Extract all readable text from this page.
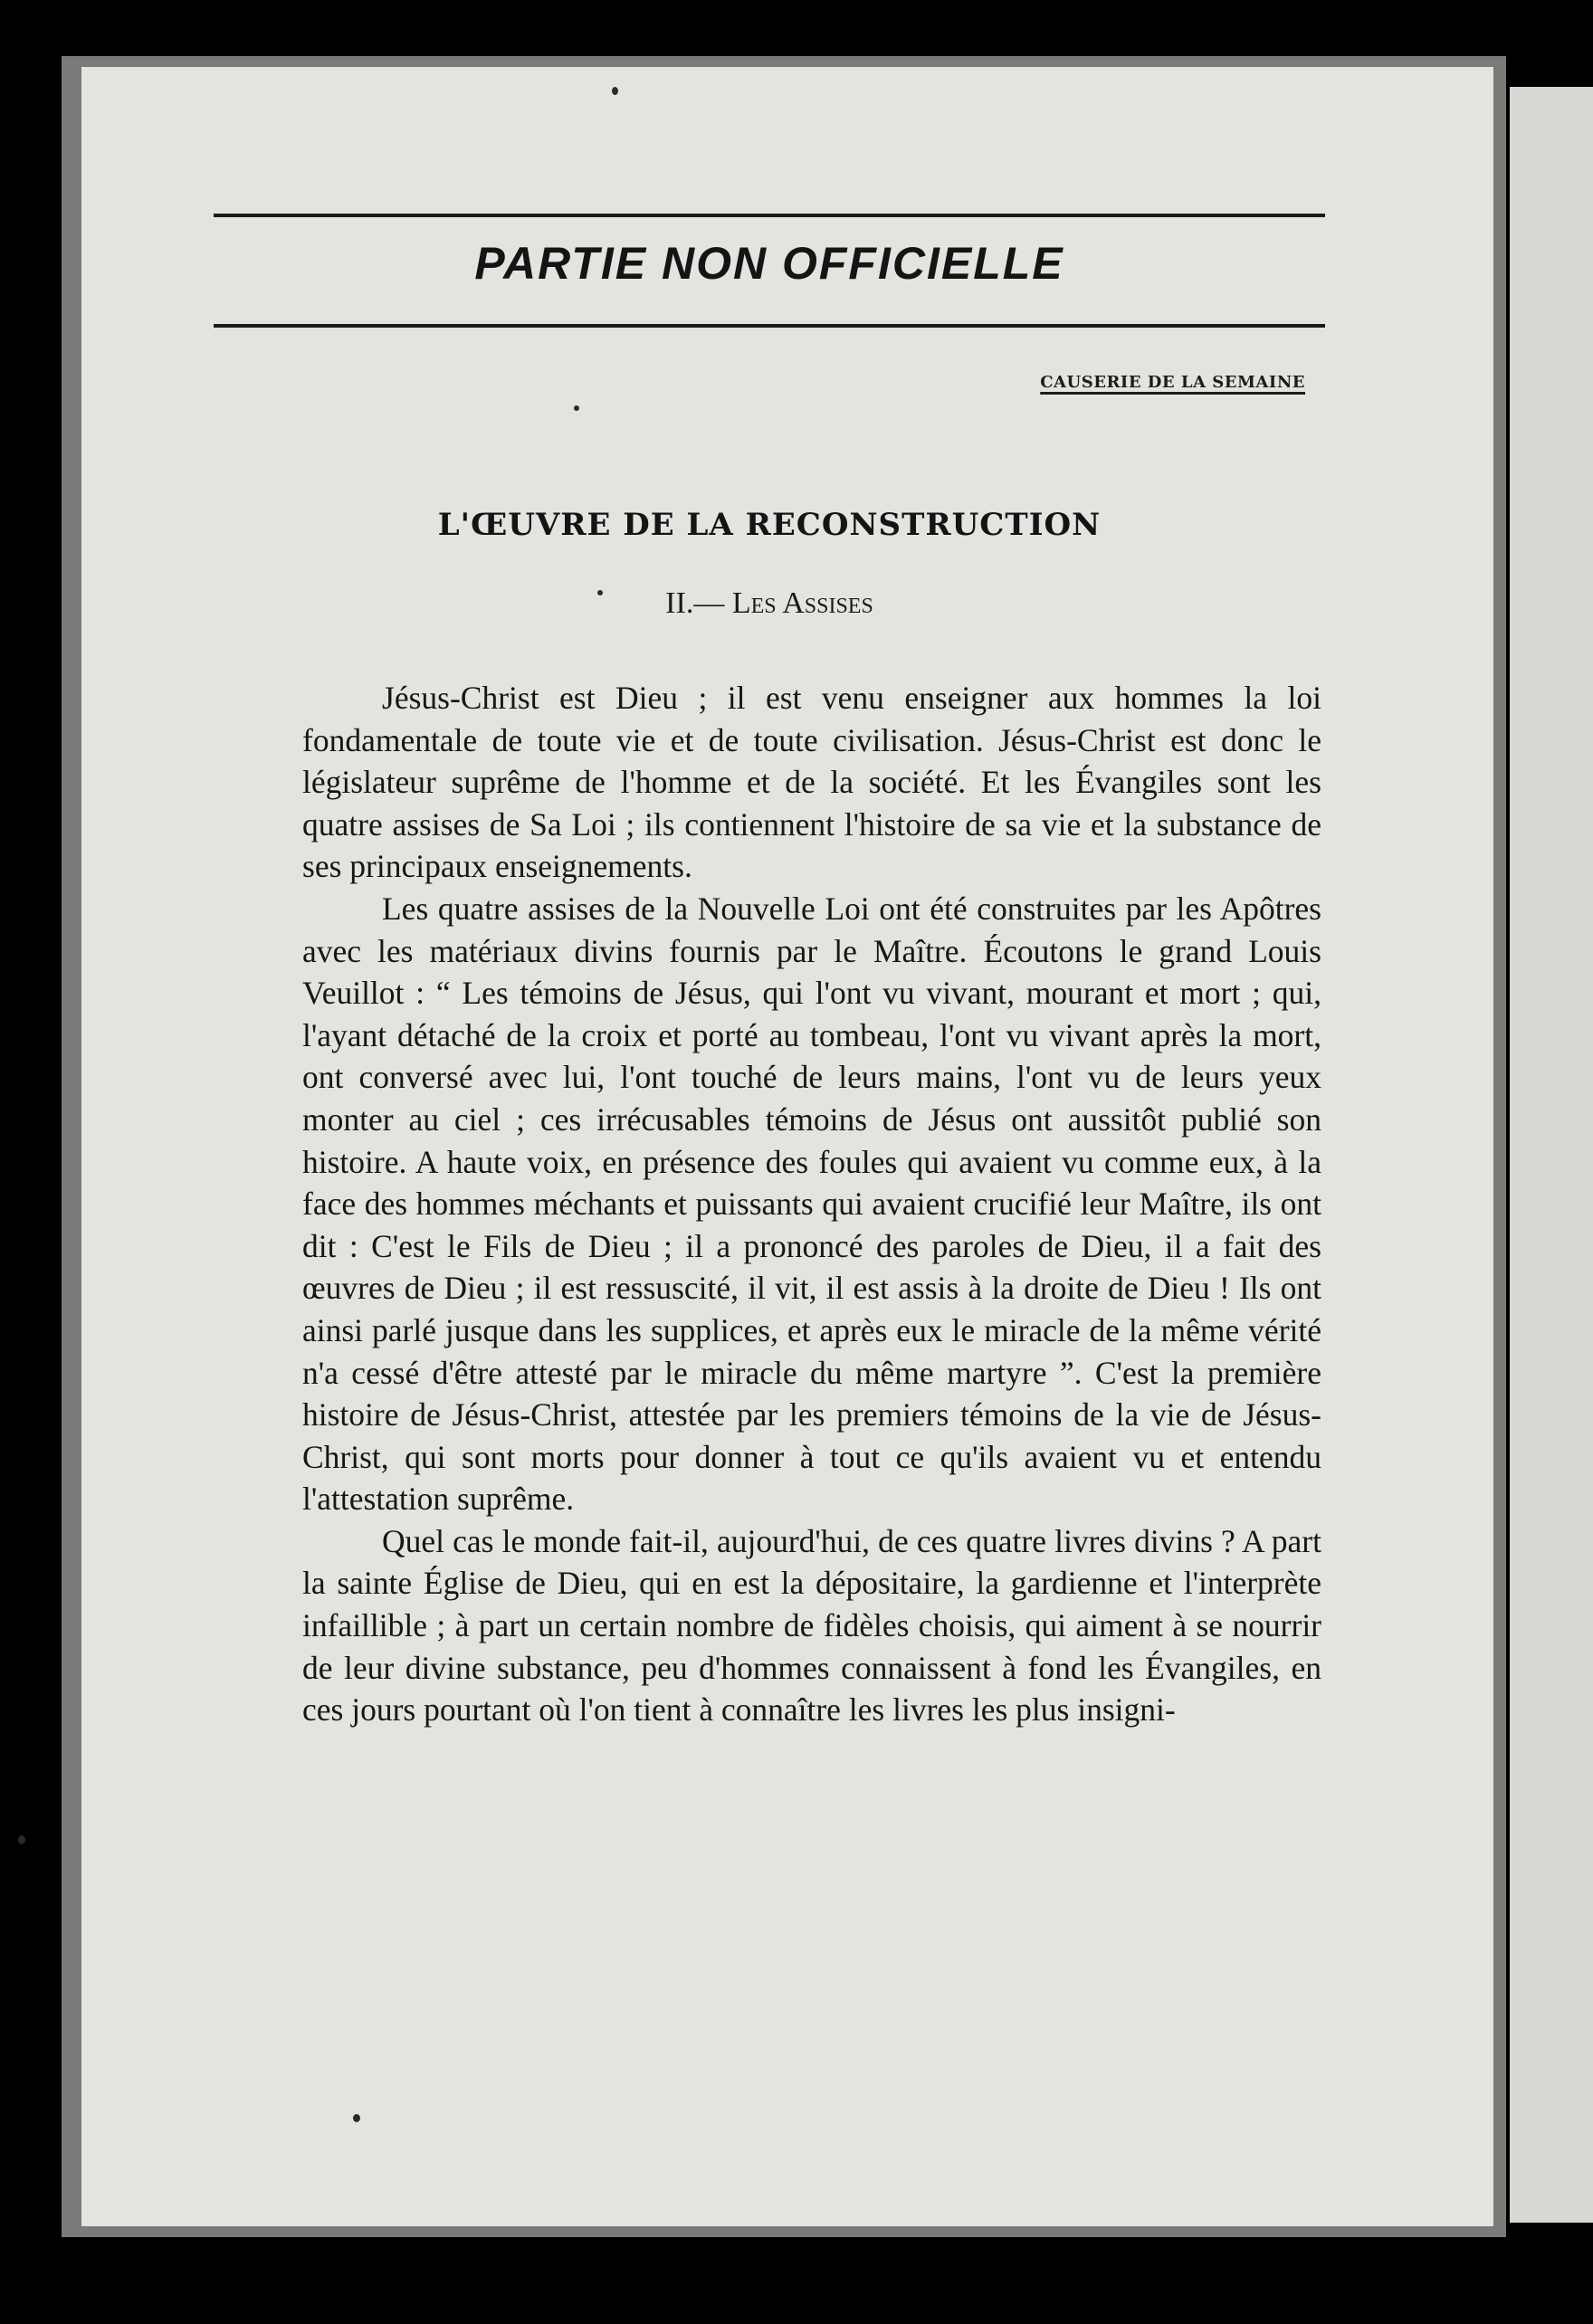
PARTIE NON OFFICIELLE
CAUSERIE DE LA SEMAINE
L'ŒUVRE DE LA RECONSTRUCTION
II.— Les Assises

Jésus-Christ est Dieu ; il est venu enseigner aux hommes la loi fondamentale de toute vie et de toute civilisation. Jésus-Christ est donc le législateur suprême de l'homme et de la société. Et les Évangiles sont les quatre assises de Sa Loi ; ils contiennent l'histoire de sa vie et la substance de ses principaux enseignements.

Les quatre assises de la Nouvelle Loi ont été construites par les Apôtres avec les matériaux divins fournis par le Maître. Écoutons le grand Louis Veuillot : “ Les témoins de Jésus, qui l'ont vu vivant, mourant et mort ; qui, l'ayant détaché de la croix et porté au tombeau, l'ont vu vivant après la mort, ont conversé avec lui, l'ont touché de leurs mains, l'ont vu de leurs yeux monter au ciel ; ces irrécusables témoins de Jésus ont aussitôt publié son histoire. A haute voix, en présence des foules qui avaient vu comme eux, à la face des hommes méchants et puissants qui avaient crucifié leur Maître, ils ont dit : C'est le Fils de Dieu ; il a prononcé des paroles de Dieu, il a fait des œuvres de Dieu ; il est ressuscité, il vit, il est assis à la droite de Dieu ! Ils ont ainsi parlé jusque dans les supplices, et après eux le miracle de la même vérité n'a cessé d'être attesté par le miracle du même martyre ”. C'est la première histoire de Jésus-Christ, attestée par les premiers témoins de la vie de Jésus-Christ, qui sont morts pour donner à tout ce qu'ils avaient vu et entendu l'attestation suprême.

Quel cas le monde fait-il, aujourd'hui, de ces quatre livres divins ? A part la sainte Église de Dieu, qui en est la dépositaire, la gardienne et l'interprète infaillible ; à part un certain nombre de fidèles choisis, qui aiment à se nourrir de leur divine substance, peu d'hommes connaissent à fond les Évangiles, en ces jours pourtant où l'on tient à connaître les livres les plus insigni-
